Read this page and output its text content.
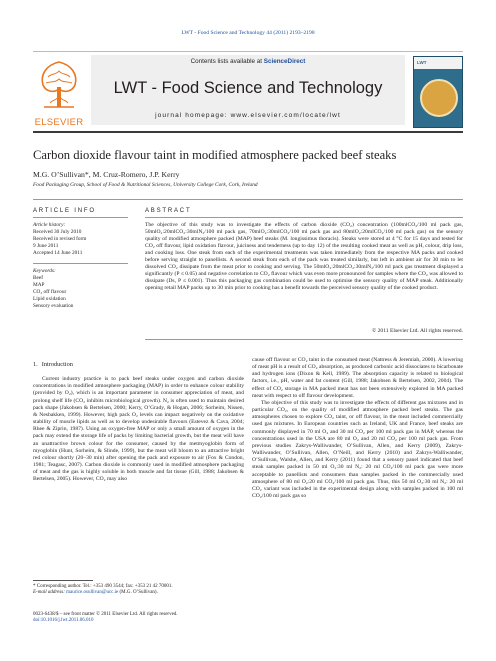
LWT - Food Science and Technology 44 (2011) 2193–2198
ELSEVIER
Contents lists available at ScienceDirect
LWT - Food Science and Technology
journal homepage: www.elsevier.com/locate/lwt
LWT
Carbon dioxide flavour taint in modified atmosphere packed beef steaks
M.G. O’Sullivan*, M. Cruz-Romero, J.P. Kerry
Food Packaging Group, School of Food & Nutritional Sciences, University College Cork, Cork, Ireland
ARTICLE INFO	ABSTRACT
Article history:
Received 30 July 2010
Received in revised form
9 June 2011
Accepted 14 June 2011
Keywords:
Beef
MAP
CO₂ off flavour
Lipid oxidation
Sensory evaluation
The objective of this study was to investigate the effects of carbon dioxide (CO₂) concentration (100mlCO₂/100 ml pack gas, 50mlO₂:20mlCO₂:30mlN₂/100 ml pack gas, 70mlO₂:30mlCO₂/100 ml pack gas and 80mlO₂:20mlCO₂/100 ml pack gas) on the sensory quality of modified atmosphere packed (MAP) beef steaks (M. longissimus thoracis). Steaks were stored at 4 °C for 15 days and tested for CO₂ off flavour, lipid oxidation flavour, juiciness and tenderness (up to day 12) of the resulting cooked meat as well as pH, colour, drip loss, and cooking loss. One steak from each of the experimental treatments was taken immediately from the respective MA packs and cooked before serving straight to panellists. A second steak from each of the pack was treated similarly, but left in ambient air for 30 min to let dissolved CO₂ dissipate from the meat prior to cooking and serving. The 50mlO₂:20mlCO₂:30mlN₂/100 ml pack gas treatment displayed a significantly (P ≤ 0.05) and negative correlation to CO₂ flavour which was even more pronounced for samples where the CO₂ was allowed to dissipate (Ds, P ≤ 0.001). Thus this packaging gas combination could be used to optimise the sensory quality of MAP steak. Additionally opening retail MAP packs up to 30 min prior to cooking has a benefit towards the perceived sensory quality of the cooked product.
© 2011 Elsevier Ltd. All rights reserved.
1. Introduction

Current industry practice is to pack beef steaks under oxygen and carbon dioxide concentrations in modified atmosphere packaging (MAP) in order to enhance colour stability (provided by O₂), which is an important parameter in consumer appreciation of meat, and prolong shelf life (CO₂ inhibits microbiological growth). N₂ is often used to maintain desired pack shape (Jakobsen & Bertelsen, 2000; Kerry, O’Grady, & Hogan, 2006; Sorheim, Nissen, & Nesbakken, 1999). However, high pack O₂ levels can impact negatively on the oxidative stability of muscle lipids as well as to develop undesirable flavours (Estevez & Cava, 2004; Rhee & Ziprin, 1987). Using an oxygen-free MAP or only a small amount of oxygen in the pack may extend the storage life of packs by limiting bacterial growth, but the meat will have an unattractive brown colour for the consumer, caused by the metmyoglobin form of myoglobin (Hunt, Sorheim, & Slinde, 1999), but the meat will bloom to an attractive bright red colour shortly (20–30 min) after opening the pack and exposure to air (Fox & Condon, 1981; Teagasc, 2007). Carbon dioxide is commonly used in modified atmosphere packaging of meat and the gas is highly soluble in both muscle and fat tissue (Gill, 1988; Jakobsen & Bertelsen, 2005). However, CO₂ may also

cause off flavour or CO₂ taint in the consumed meat (Nattress & Jeremiah, 2000). A lowering of meat pH is a result of CO₂ absorption, as produced carbonic acid dissociates to bicarbonate and hydrogen ions (Dixon & Kell, 1989). The absorption capacity is related to biological factors, i.e., pH, water and fat content (Gill, 1988; Jakobsen & Bertelsen, 2002, 2004). The effect of CO₂ storage in MA packed meat has not been extensively explored in MA packed meat with respect to off flavour development.

The objective of this study was to investigate the effects of different gas mixtures and in particular CO₂, on the quality of modified atmosphere packed beef steaks. The gas atmospheres chosen to explore CO₂ taint, or off flavour, in the meat included commercially used gas mixtures. In European countries such as Ireland, UK and France, beef steaks are commonly displayed in 70 ml O₂ and 30 ml CO₂ per 100 ml pack gas in MAP, whereas the concentrations used in the USA are 80 ml O₂ and 20 ml CO₂ per 100 ml pack gas. From previous studies Zakrys-Walliwander, O’Sullivan, Allen, and Kerry (2009), Zakrys-Walliwander, O’Sullivan, Allen, O’Neill, and Kerry (2010) and Zakrys-Walliwander, O’Sullivan, Walshe, Allen, and Kerry (2011) found that a sensory panel indicated that beef steak samples packed in 50 ml O₂:30 ml N₂: 20 ml CO₂/100 ml pack gas were more acceptable to panellists and consumers than samples packed in the commercially used atmosphere of 80 ml O₂:20 ml CO₂/100 ml pack gas. Thus, this 50 ml O₂:30 ml N₂: 20 ml CO₂ variant was included in the experimental design along with samples packed in 100 ml CO₂/100 ml pack gas so

* Corresponding author. Tel.: +353 490 3544; fax: +353 21 42 70001.
E-mail address: maurice.osullivan@ucc.ie (M.G. O’Sullivan).
0023-6438/$ – see front matter © 2011 Elsevier Ltd. All rights reserved.
doi:10.1016/j.lwt.2011.06.010
